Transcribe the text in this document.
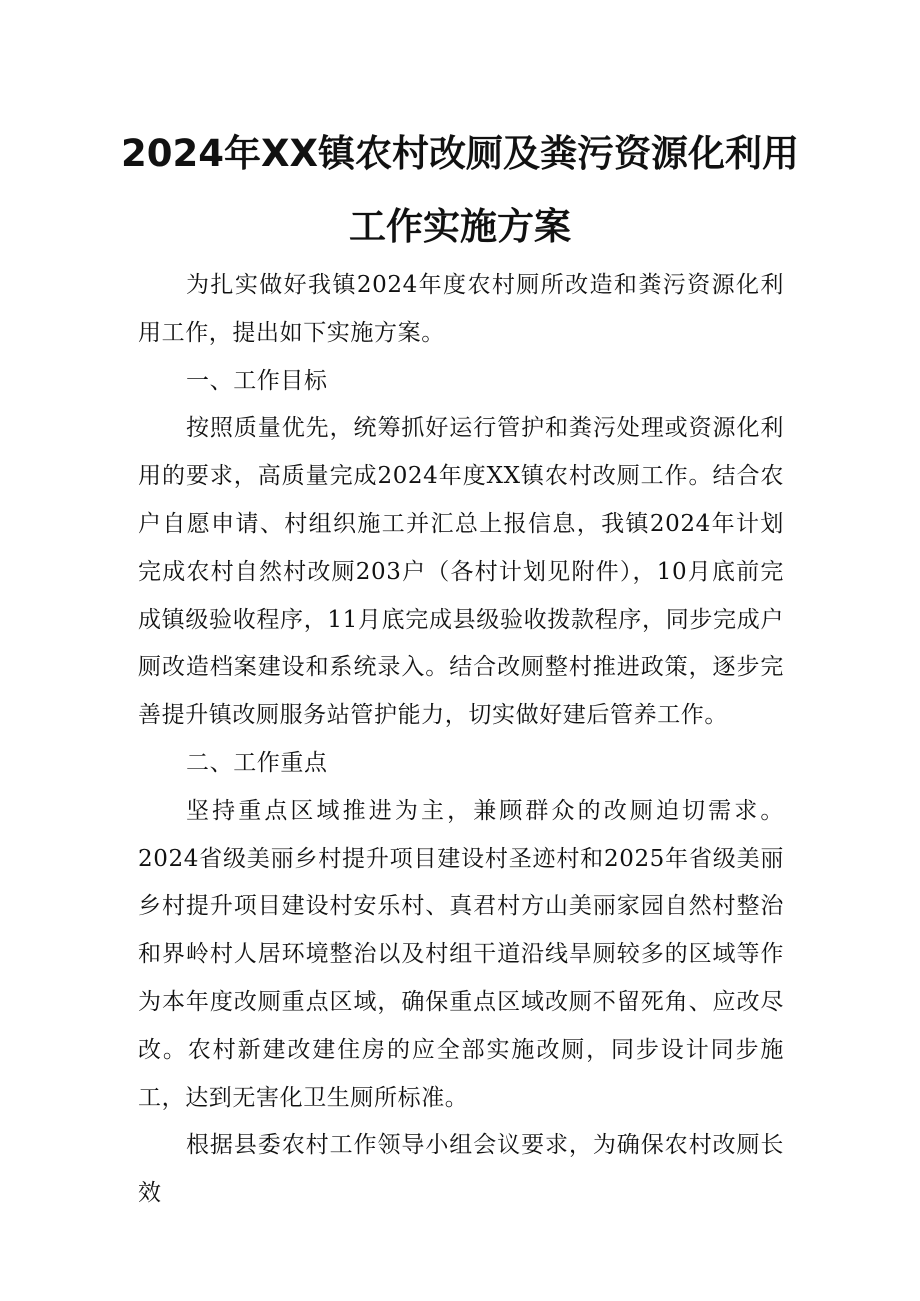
2024年XX镇农村改厕及粪污资源化利用
工作实施方案

为扎实做好我镇2024年度农村厕所改造和粪污资源化利用工作，提出如下实施方案。

一、工作目标

按照质量优先，统筹抓好运行管护和粪污处理或资源化利用的要求，高质量完成2024年度XX镇农村改厕工作。结合农户自愿申请、村组织施工并汇总上报信息，我镇2024年计划完成农村自然村改厕203户（各村计划见附件），10月底前完成镇级验收程序，11月底完成县级验收拨款程序，同步完成户厕改造档案建设和系统录入。结合改厕整村推进政策，逐步完善提升镇改厕服务站管护能力，切实做好建后管养工作。

二、工作重点

坚持重点区域推进为主，兼顾群众的改厕迫切需求。2024省级美丽乡村提升项目建设村圣迹村和2025年省级美丽乡村提升项目建设村安乐村、真君村方山美丽家园自然村整治和界岭村人居环境整治以及村组干道沿线旱厕较多的区域等作为本年度改厕重点区域，确保重点区域改厕不留死角、应改尽改。农村新建改建住房的应全部实施改厕，同步设计同步施工，达到无害化卫生厕所标准。

根据县委农村工作领导小组会议要求，为确保农村改厕长效
